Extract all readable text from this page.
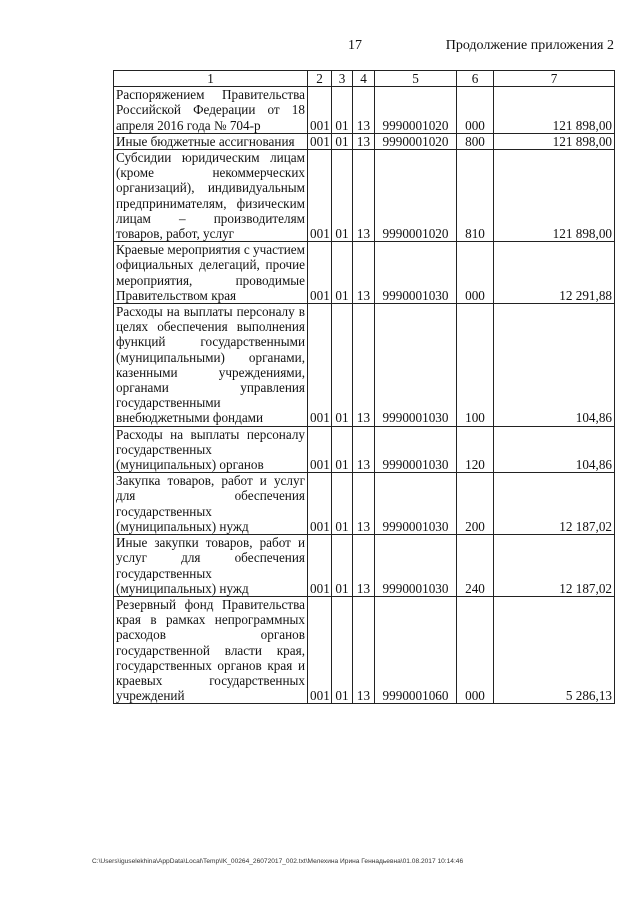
17	Продолжение приложения 2
1	2	3	4	5	6	7
Распоряжением Правительства Российской Федерации от 18 апреля 2016 года № 704-р	001	01	13	9990001020	000	121 898,00
Иные бюджетные ассигнования	001	01	13	9990001020	800	121 898,00
Субсидии юридическим лицам (кроме некоммерческих организаций), индивидуальным предпринимателям, физическим лицам – производителям товаров, работ, услуг	001	01	13	9990001020	810	121 898,00
Краевые мероприятия с участием официальных делегаций, прочие мероприятия, проводимые Правительством края	001	01	13	9990001030	000	12 291,88
Расходы на выплаты персоналу в целях обеспечения выполнения функций государственными (муниципальными) органами, казенными учреждениями, органами управления государственными внебюджетными фондами	001	01	13	9990001030	100	104,86
Расходы на выплаты персоналу государственных (муниципальных) органов	001	01	13	9990001030	120	104,86
Закупка товаров, работ и услуг для обеспечения государственных (муниципальных) нужд	001	01	13	9990001030	200	12 187,02
Иные закупки товаров, работ и услуг для обеспечения государственных (муниципальных) нужд	001	01	13	9990001030	240	12 187,02
Резервный фонд Правительства края в рамках непрограммных расходов органов государственной власти края, государственных органов края и краевых государственных учреждений	001	01	13	9990001060	000	5 286,13
C:\Users\iguselekhina\AppData\Local\Temp\IK_00264_26072017_002.txt\Мелехина Ирина Геннадьевна\01.08.2017 10:14:46
